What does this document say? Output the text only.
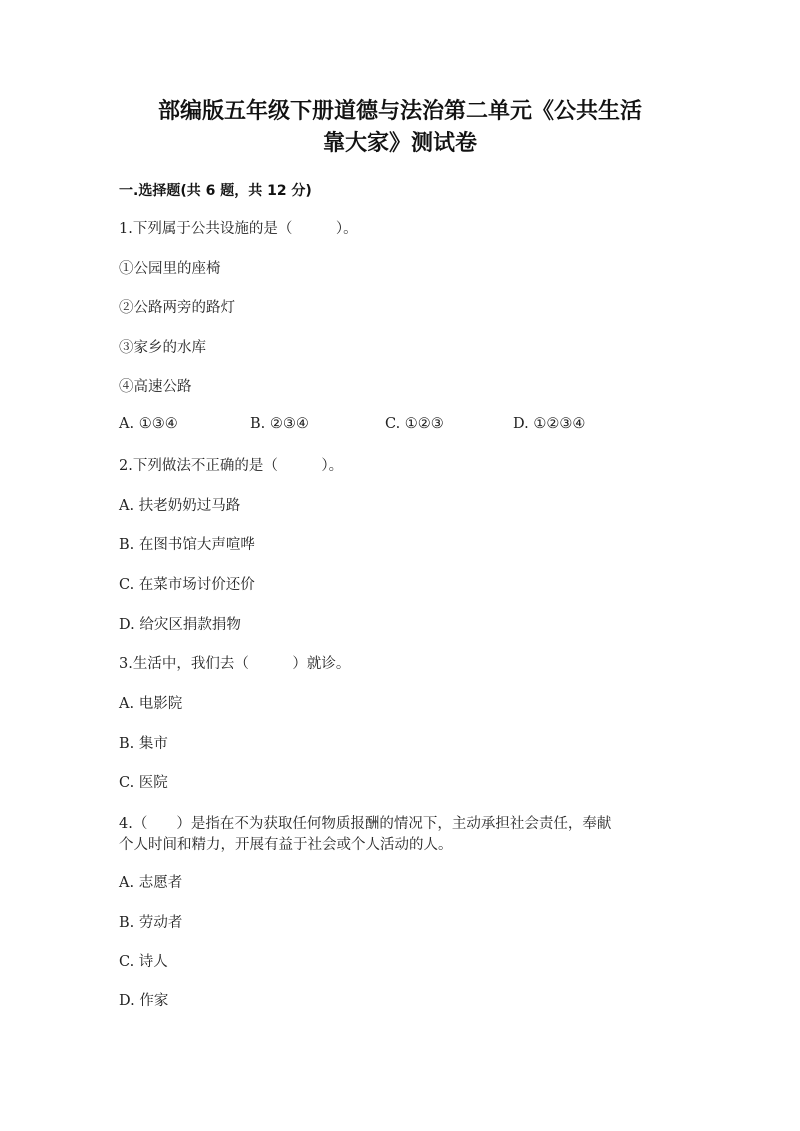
部编版五年级下册道德与法治第二单元《公共生活
靠大家》测试卷
一.选择题(共 6 题，共 12 分)
1.下列属于公共设施的是（　　　）。
①公园里的座椅
②公路两旁的路灯
③家乡的水库
④高速公路
A. ①③④	B. ②③④	C. ①②③	D. ①②③④
2.下列做法不正确的是（　　　）。
A. 扶老奶奶过马路
B. 在图书馆大声喧哗
C. 在菜市场讨价还价
D. 给灾区捐款捐物
3.生活中，我们去（　　　）就诊。
A. 电影院
B. 集市
C. 医院
4.（　　）是指在不为获取任何物质报酬的情况下，主动承担社会责任，奉献
个人时间和精力，开展有益于社会或个人活动的人。
A. 志愿者
B. 劳动者
C. 诗人
D. 作家
